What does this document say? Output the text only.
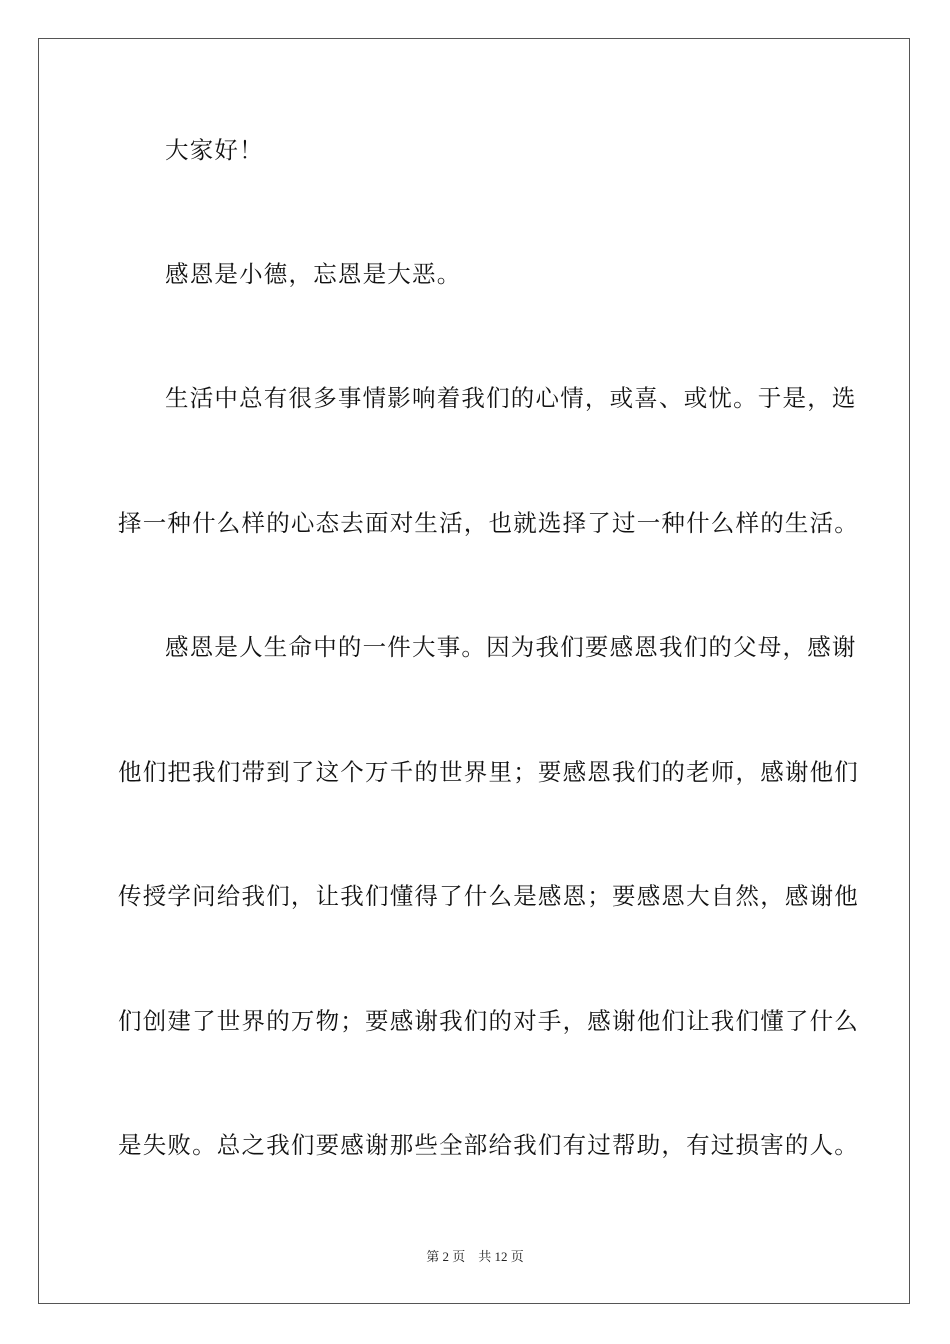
大家好！
感恩是小德，忘恩是大恶。
生活中总有很多事情影响着我们的心情，或喜、或忧。于是，选
择一种什么样的心态去面对生活，也就选择了过一种什么样的生活。
感恩是人生命中的一件大事。因为我们要感恩我们的父母，感谢
他们把我们带到了这个万千的世界里；要感恩我们的老师，感谢他们
传授学问给我们，让我们懂得了什么是感恩；要感恩大自然，感谢他
们创建了世界的万物；要感谢我们的对手，感谢他们让我们懂了什么
是失败。总之我们要感谢那些全部给我们有过帮助，有过损害的人。
第 2 页    共 12 页
